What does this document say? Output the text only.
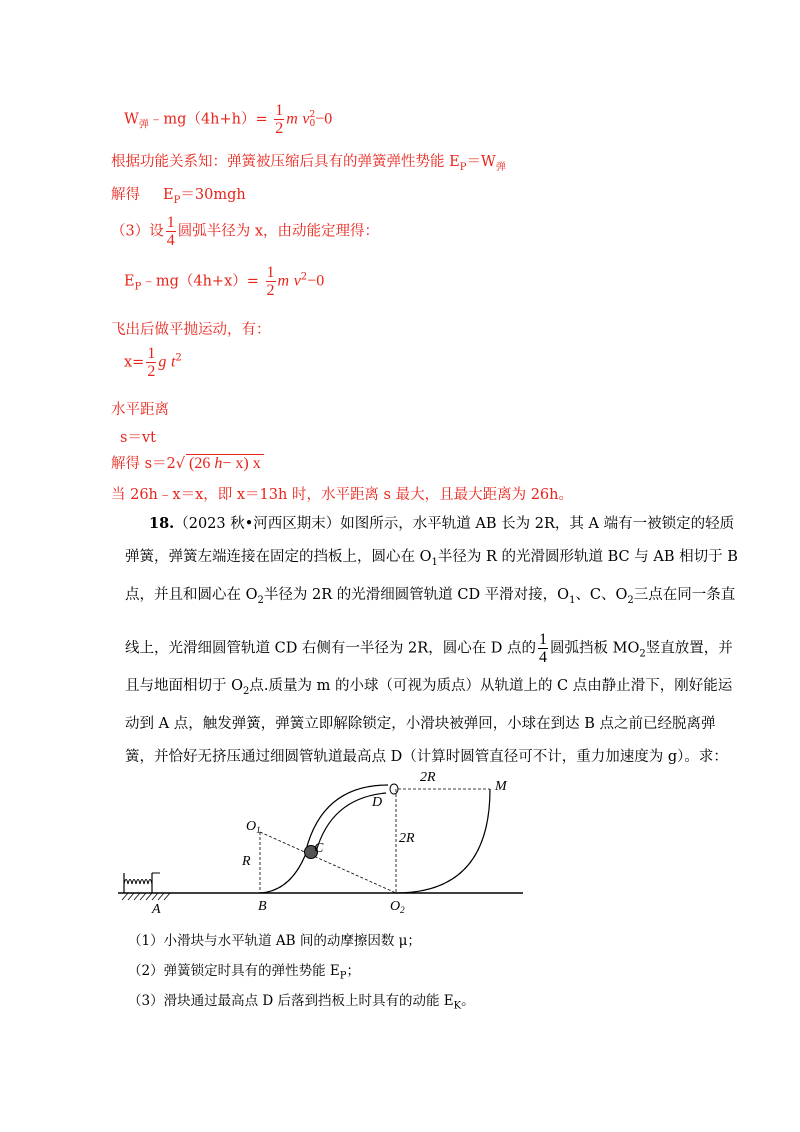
$W_弹﹣mg(4h+h)= \frac{1}{2}$ m v 2
0 −0
根据功能关系知：弹簧被压缩后具有的弹簧弹性势能 $E_P=W_弹$
解得 $E_P=30mgh$
（3）设 $\frac{1}{4}$ 圆弧半径为 x，由动能定理得：
$E_P﹣mg(4h+x)= \frac{1}{2}$ m $v^2-0$
飞出后做平抛运动，有：
$x= \frac{1}{2}$ g $t^2$
水平距离
s＝vt
解得 s＝2√ (26 h− x) x
当 26h﹣x＝x，即 x＝13h 时，水平距离 s 最大，且最大距离为 26h。
18.（2023 秋•河西区期末）如图所示，水平轨道 AB 长为 2R，其 A 端有一被锁定的轻质
弹簧，弹簧左端连接在固定的挡板上，圆心在 $O_1$半径为 R 的光滑圆形轨道 BC 与 AB 相切于 B
点，并且和圆心在 $O_2$半径为 2R 的光滑细圆管轨道 CD 平滑对接，$O_1$、C、$O_2$三点在同一条直
线上，光滑细圆管轨道 CD 右侧有一半径为 2R，圆心在 D 点的 $\frac{1}{4}$ 圆弧挡板 $MO_2$竖直放置，并
且与地面相切于 $O_2$点.质量为 m 的小球（可视为质点）从轨道上的 C 点由静止滑下，刚好能运
动到 A 点，触发弹簧，弹簧立即解除锁定，小滑块被弹回，小球在到达 B 点之前已经脱离弹
簧，并恰好无挤压通过细圆管轨道最高点 D（计算时圆管直径可不计，重力加速度为 g）。求：
$O_1$
R
C
D
2R
2R
M
A	B	$O_2$
（1）小滑块与水平轨道 AB 间的动摩擦因数 μ；
（2）弹簧锁定时具有的弹性势能 $E_P$；
（3）滑块通过最高点 D 后落到挡板上时具有的动能 $E_K$。
